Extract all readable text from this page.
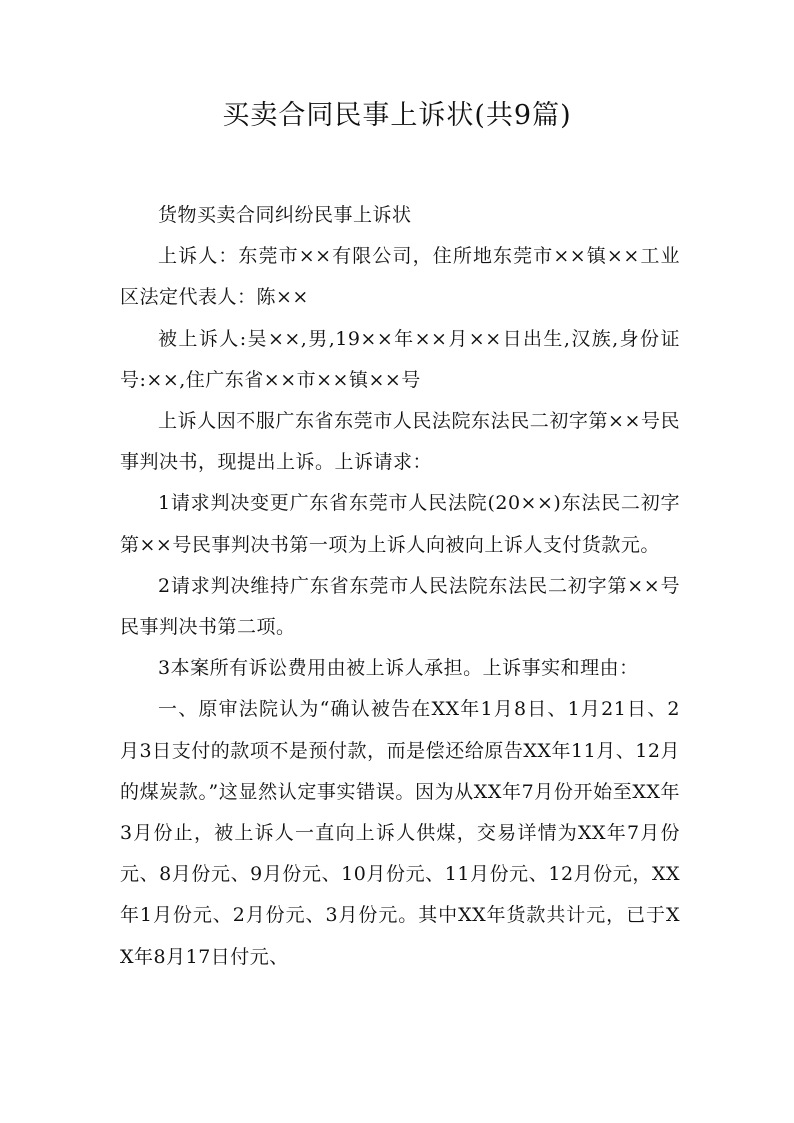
买卖合同民事上诉状(共9篇)

货物买卖合同纠纷民事上诉状

上诉人：东莞市××有限公司，住所地东莞市××镇××工业区法定代表人：陈××

被上诉人:吴××,男,19××年××月××日出生,汉族,身份证号:××,住广东省××市××镇××号

上诉人因不服广东省东莞市人民法院东法民二初字第××号民事判决书，现提出上诉。上诉请求：

1请求判决变更广东省东莞市人民法院(20××)东法民二初字第××号民事判决书第一项为上诉人向被向上诉人支付货款元。

2请求判决维持广东省东莞市人民法院东法民二初字第××号民事判决书第二项。

3本案所有诉讼费用由被上诉人承担。上诉事实和理由：

一、原审法院认为“确认被告在XX年1月8日、1月21日、2月3日支付的款项不是预付款，而是偿还给原告XX年11月、12月的煤炭款。”这显然认定事实错误。因为从XX年7月份开始至XX年3月份止，被上诉人一直向上诉人供煤，交易详情为XX年7月份元、8月份元、9月份元、10月份元、11月份元、12月份元，XX年1月份元、2月份元、3月份元。其中XX年货款共计元，已于XX年8月17日付元、
